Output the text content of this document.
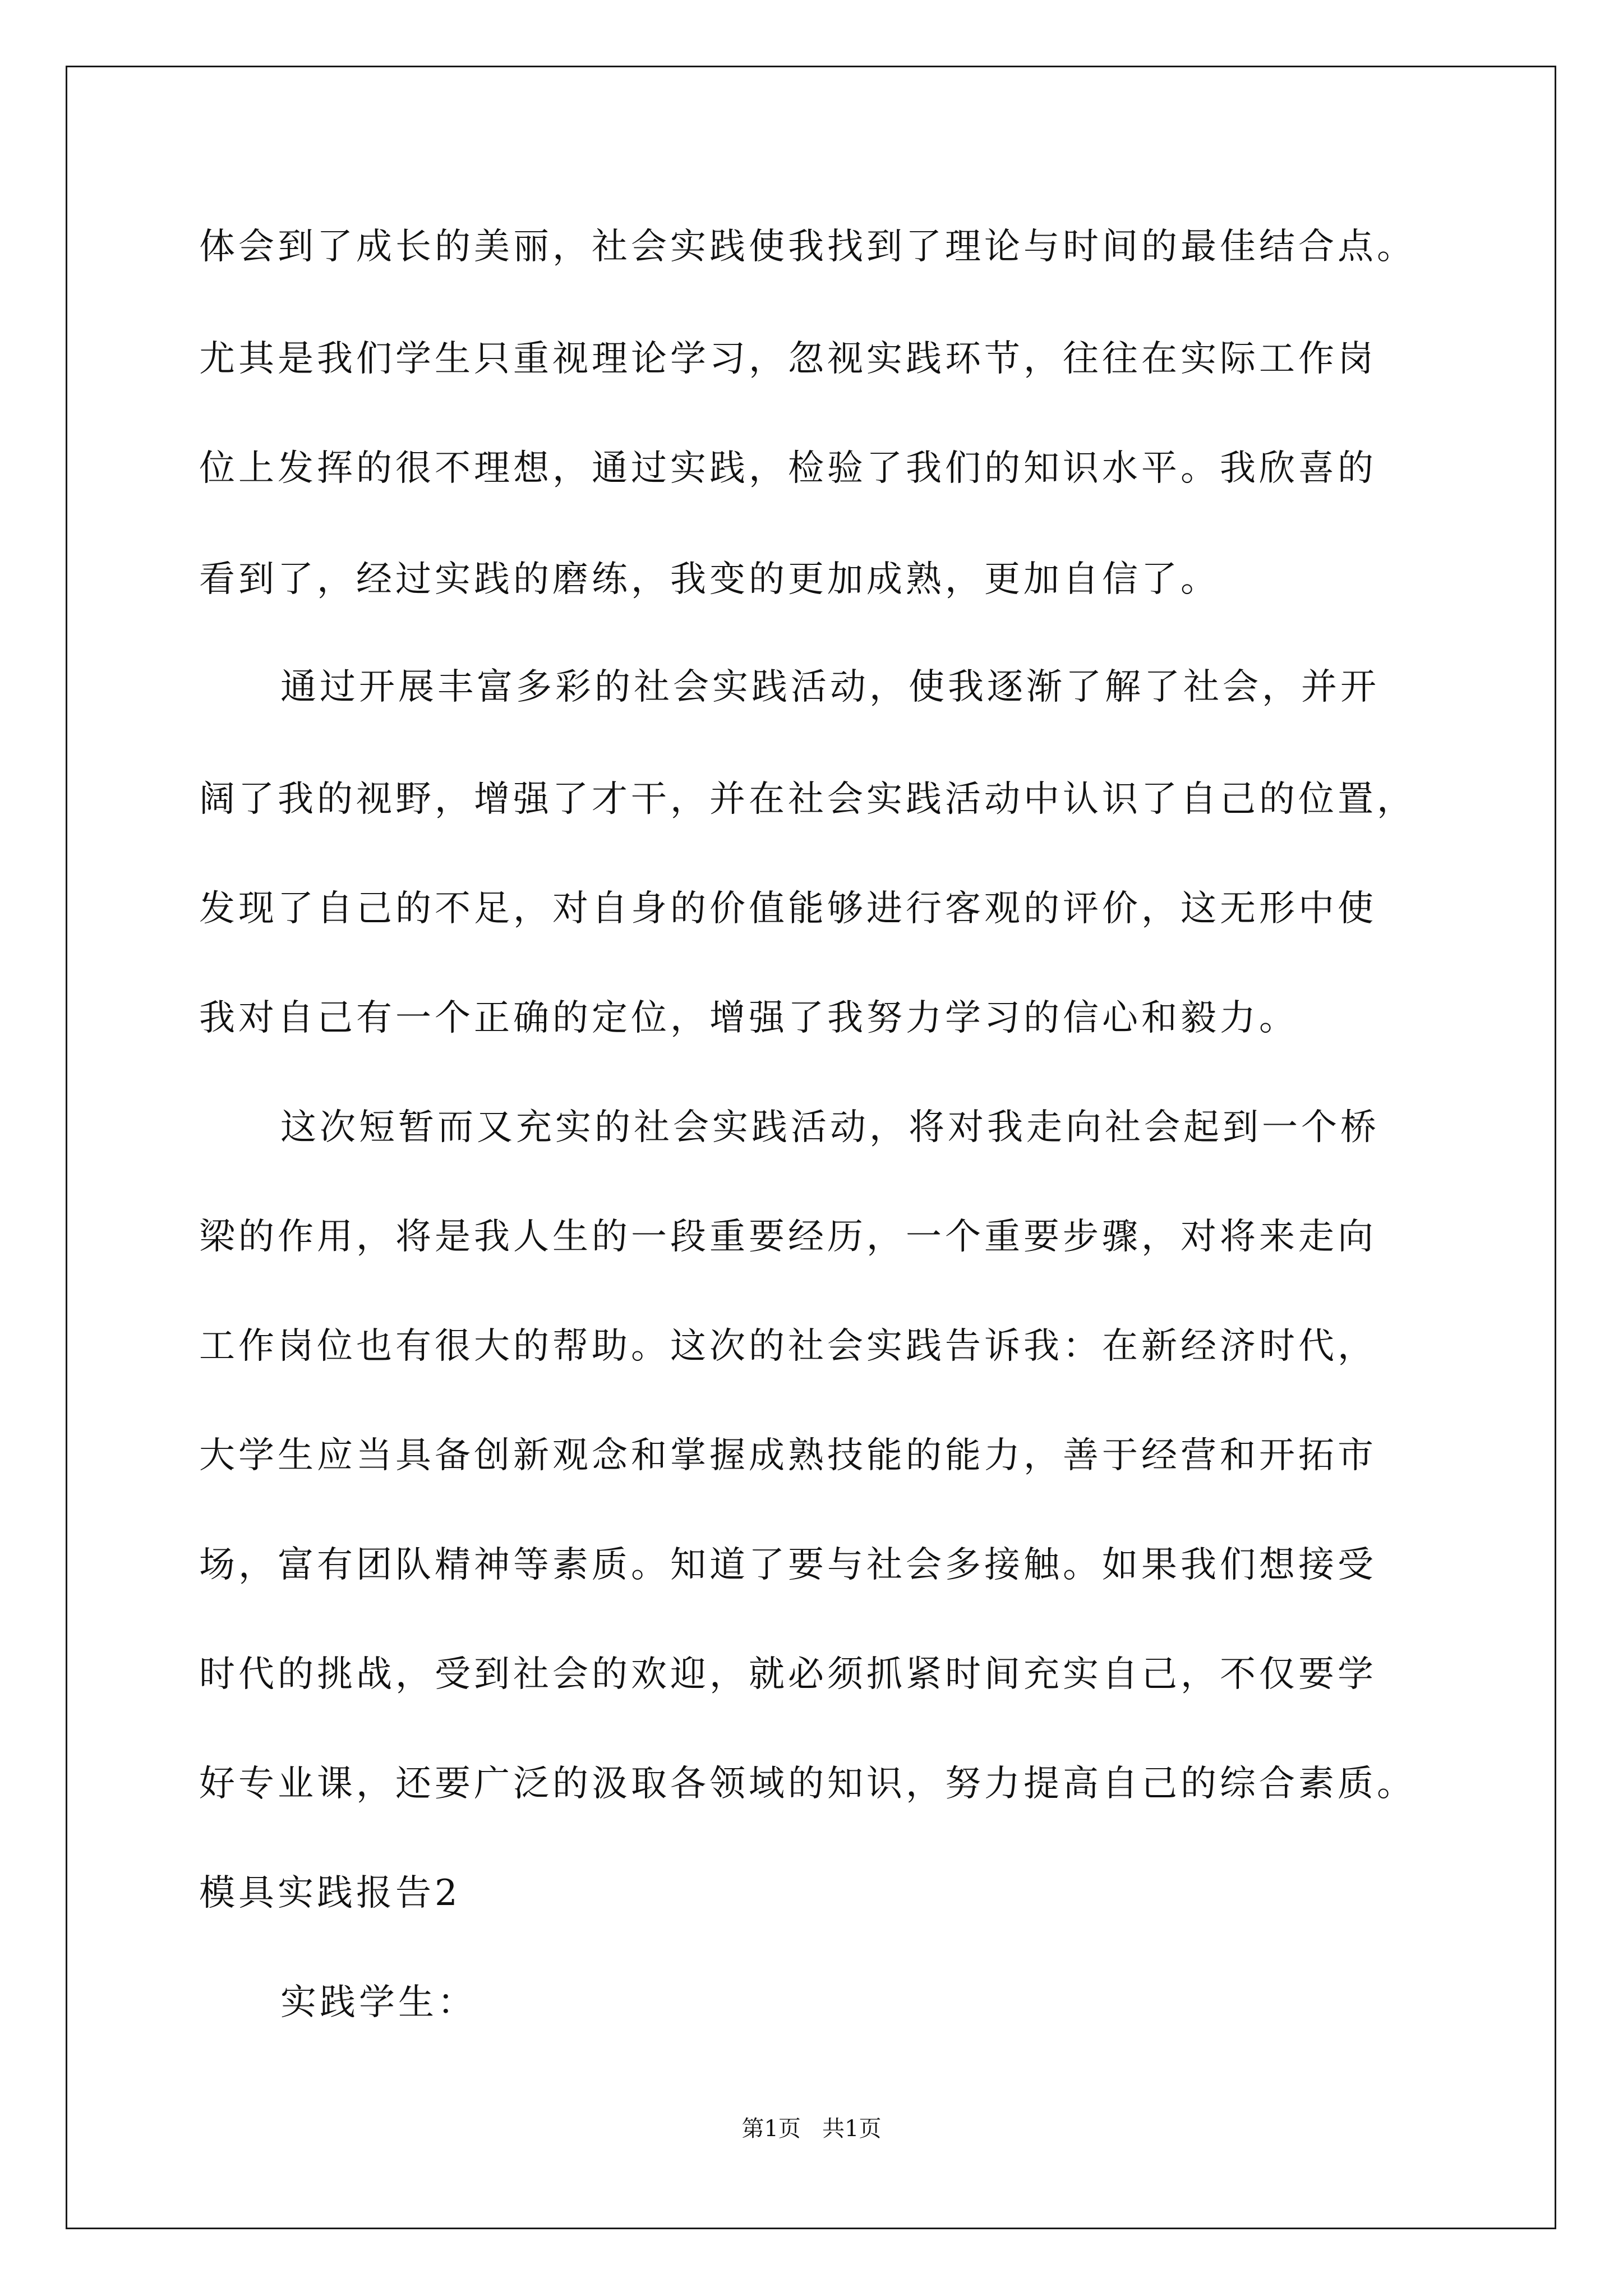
体会到了成长的美丽，社会实践使我找到了理论与时间的最佳结合点。
尤其是我们学生只重视理论学习，忽视实践环节，往往在实际工作岗
位上发挥的很不理想，通过实践，检验了我们的知识水平。我欣喜的
看到了，经过实践的磨练，我变的更加成熟，更加自信了。
通过开展丰富多彩的社会实践活动，使我逐渐了解了社会，并开
阔了我的视野，增强了才干，并在社会实践活动中认识了自己的位置，
发现了自己的不足，对自身的价值能够进行客观的评价，这无形中使
我对自己有一个正确的定位，增强了我努力学习的信心和毅力。
这次短暂而又充实的社会实践活动，将对我走向社会起到一个桥
梁的作用，将是我人生的一段重要经历，一个重要步骤，对将来走向
工作岗位也有很大的帮助。这次的社会实践告诉我：在新经济时代，
大学生应当具备创新观念和掌握成熟技能的能力，善于经营和开拓市
场，富有团队精神等素质。知道了要与社会多接触。如果我们想接受
时代的挑战，受到社会的欢迎，就必须抓紧时间充实自己，不仅要学
好专业课，还要广泛的汲取各领域的知识，努力提高自己的综合素质。
模具实践报告2
实践学生：
第1页   共1页
